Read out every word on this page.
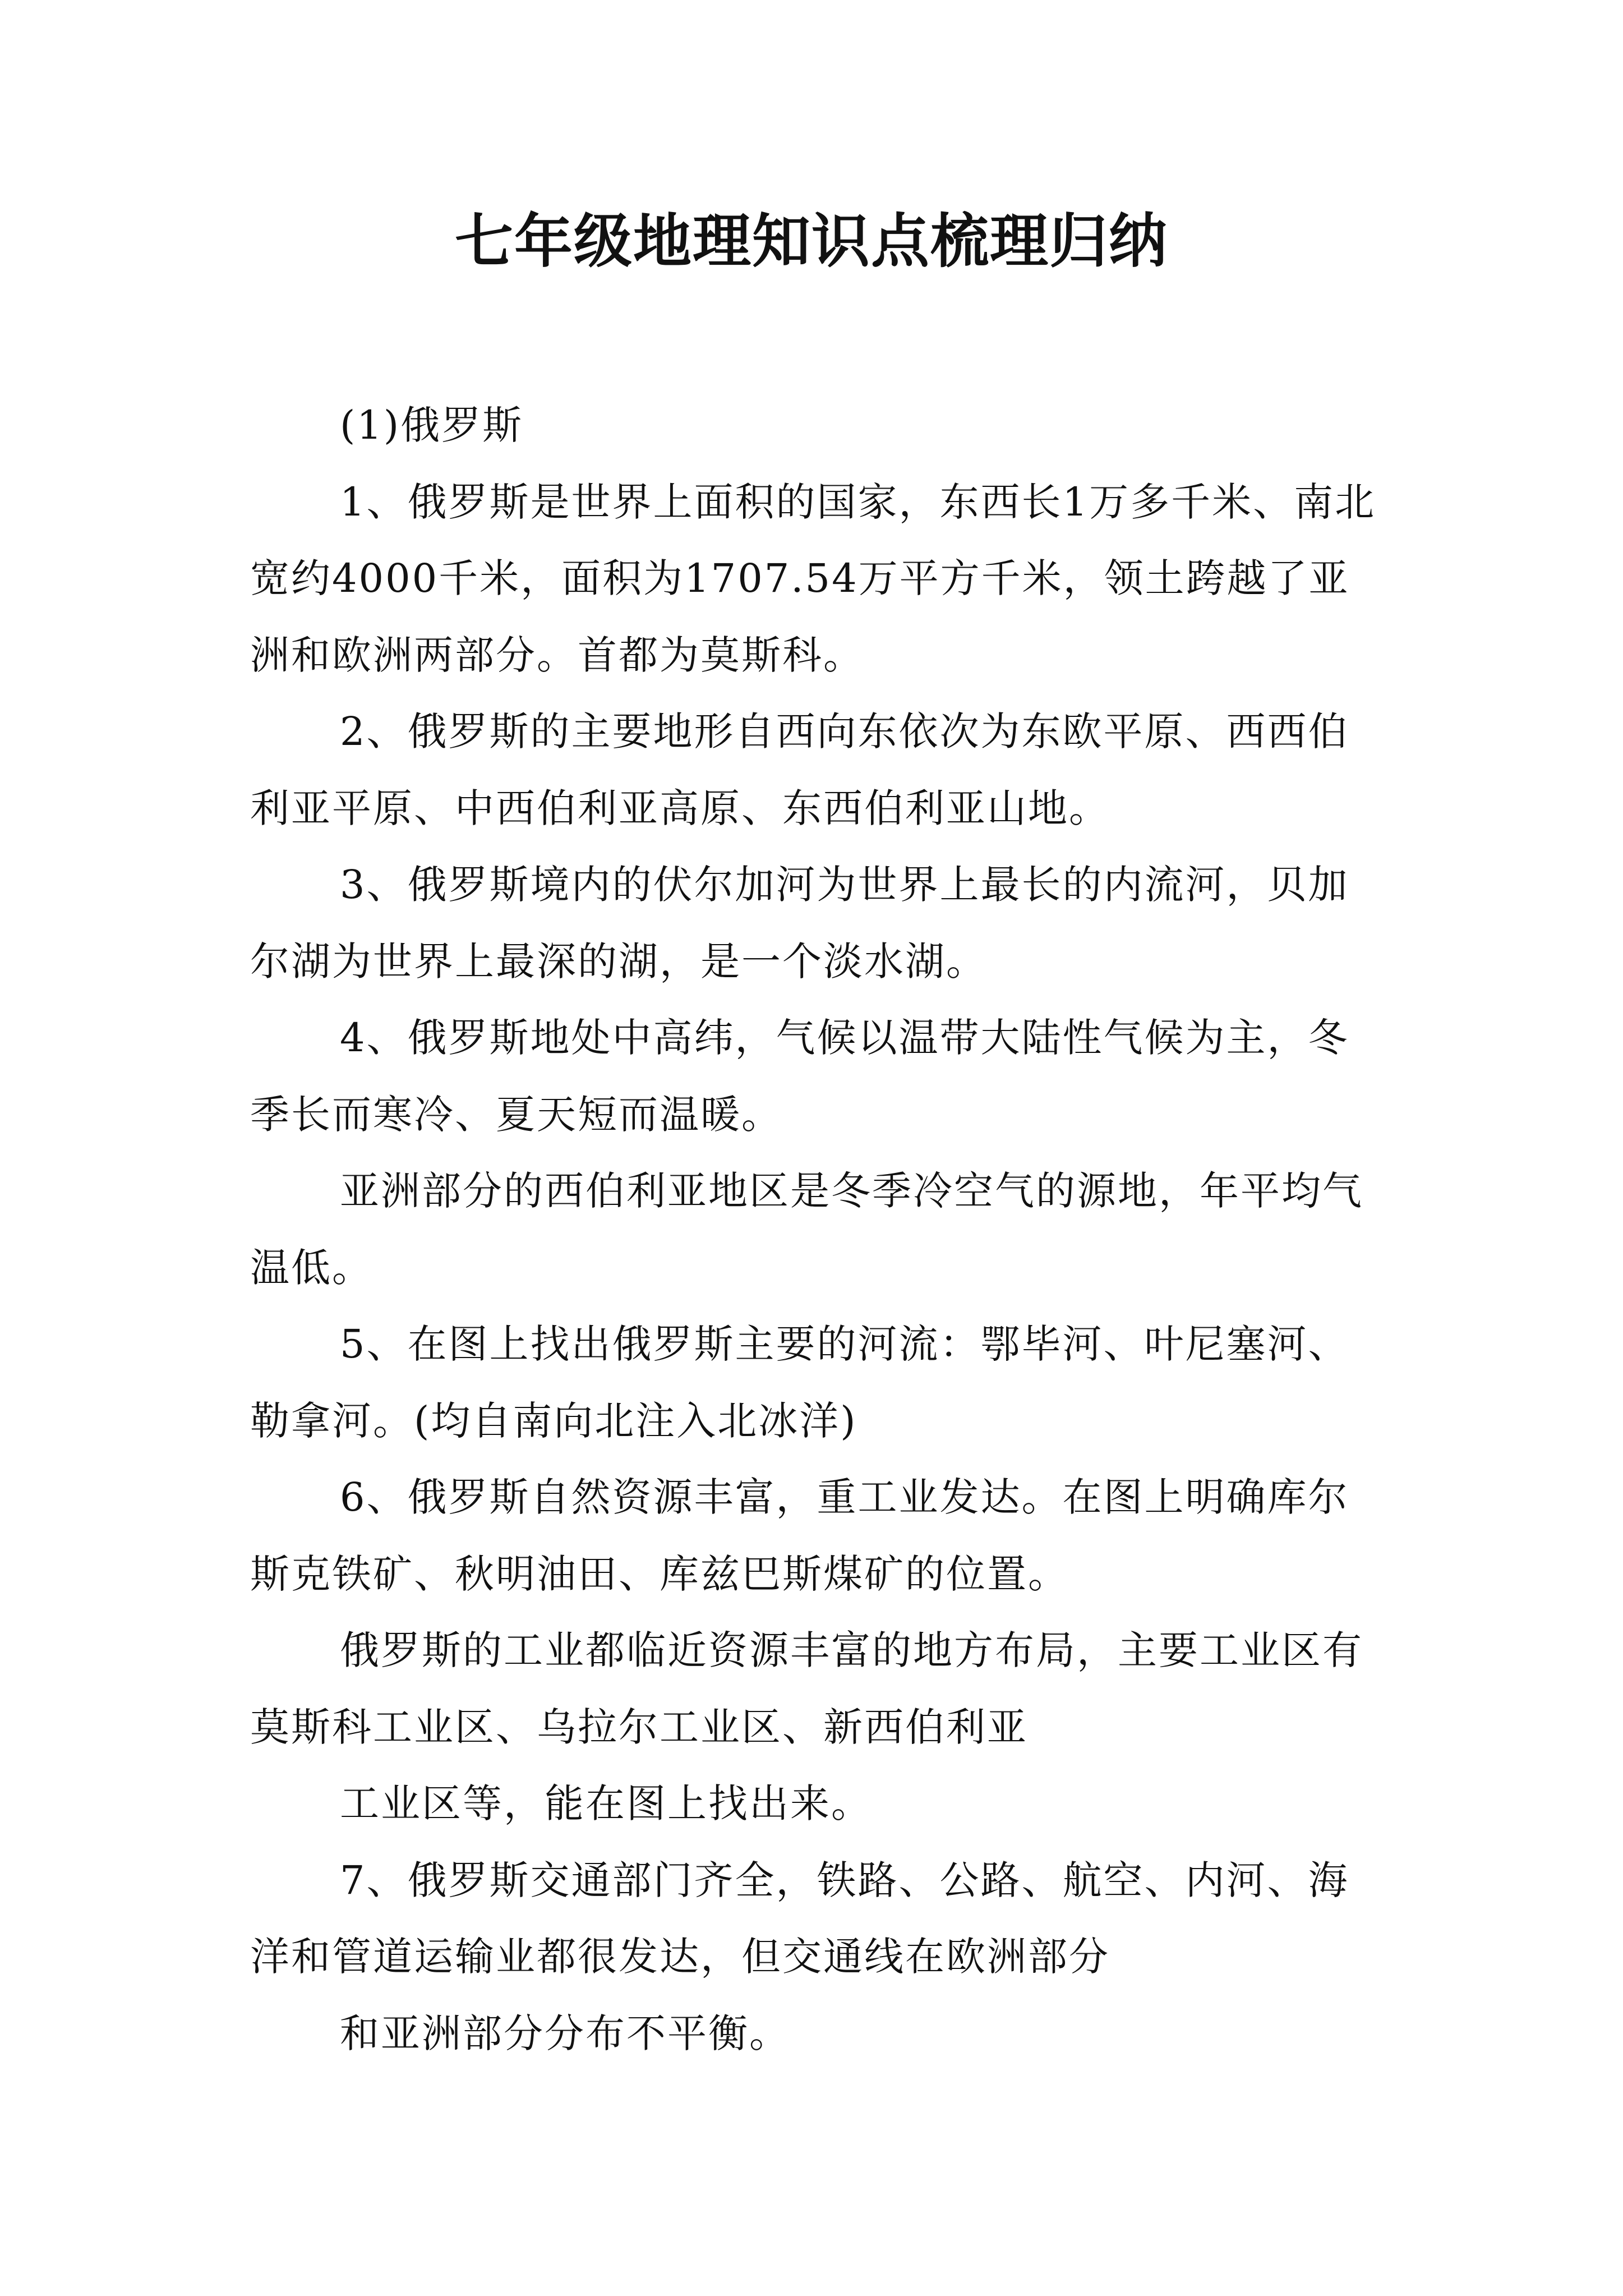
七年级地理知识点梳理归纳

(1)俄罗斯

1、俄罗斯是世界上面积的国家，东西长1万多千米、南北宽约4000千米，面积为1707.54万平方千米，领土跨越了亚洲和欧洲两部分。首都为莫斯科。

2、俄罗斯的主要地形自西向东依次为东欧平原、西西伯利亚平原、中西伯利亚高原、东西伯利亚山地。

3、俄罗斯境内的伏尔加河为世界上最长的内流河，贝加尔湖为世界上最深的湖，是一个淡水湖。

4、俄罗斯地处中高纬，气候以温带大陆性气候为主，冬季长而寒冷、夏天短而温暖。

亚洲部分的西伯利亚地区是冬季冷空气的源地，年平均气温低。

5、在图上找出俄罗斯主要的河流：鄂毕河、叶尼塞河、勒拿河。(均自南向北注入北冰洋)

6、俄罗斯自然资源丰富，重工业发达。在图上明确库尔斯克铁矿、秋明油田、库兹巴斯煤矿的位置。

俄罗斯的工业都临近资源丰富的地方布局，主要工业区有莫斯科工业区、乌拉尔工业区、新西伯利亚

工业区等，能在图上找出来。

7、俄罗斯交通部门齐全，铁路、公路、航空、内河、海洋和管道运输业都很发达，但交通线在欧洲部分

和亚洲部分分布不平衡。
